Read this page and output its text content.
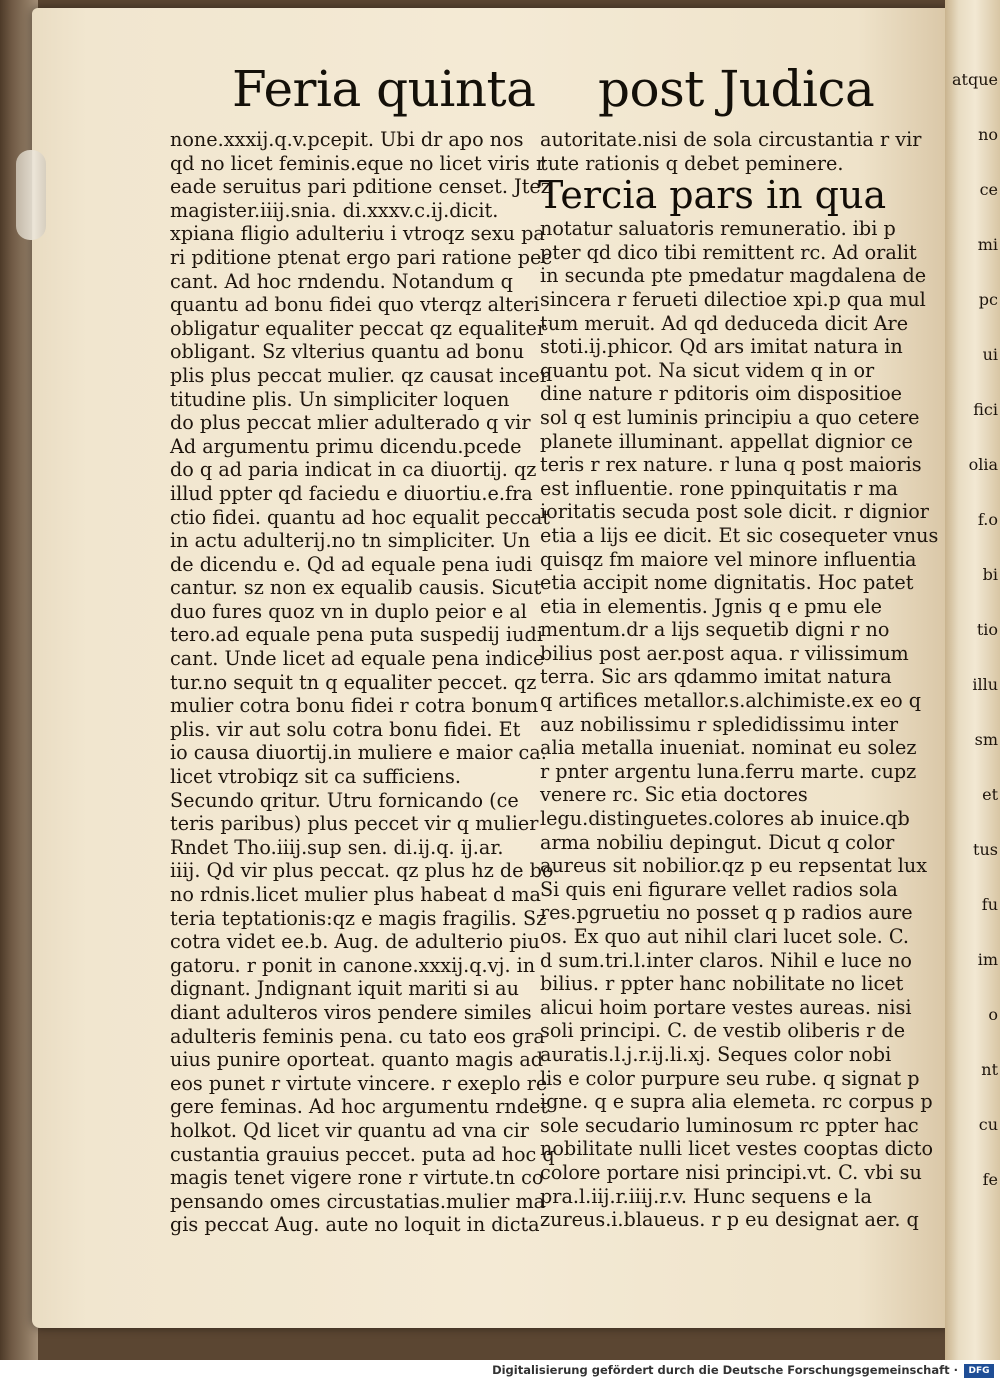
atque
no
ce
mi
pc
ui
fici
olia
f.o
bi
tio
illu
sm
et
tus
fu
im
o
nt
cu
fe
Feria quinta post Judica
none.xxxij.q.v.pcepit. Ubi dr apo nos
qd no licet feminis.eque no licet viris r
eade seruitus pari pditione censet. Jtez
magister.iiij.snia. di.xxxv.c.ij.dicit.
xpiana fligio adulteriu i vtroqz sexu pa
ri pditione ptenat ergo pari ratione pec
cant. Ad hoc rndendu. Notandum q
quantu ad bonu fidei quo vterqz alteri
obligatur equaliter peccat qz equaliter
obligant. Sz vlterius quantu ad bonu
plis plus peccat mulier. qz causat incer
titudine plis. Un simpliciter loquen
do plus peccat mlier adulterado q vir
Ad argumentu primu dicendu.pcede
do q ad paria indicat in ca diuortij. qz
illud ppter qd faciedu e diuortiu.e.fra
ctio fidei. quantu ad hoc equalit peccat
in actu adulterij.no tn simpliciter. Un
de dicendu e. Qd ad equale pena iudi
cantur. sz non ex equalib causis. Sicut
duo fures quoz vn in duplo peior e al
tero.ad equale pena puta suspedij iudi
cant. Unde licet ad equale pena indice
tur.no sequit tn q equaliter peccet. qz
mulier cotra bonu fidei r cotra bonum
plis. vir aut solu cotra bonu fidei. Et
io causa diuortij.in muliere e maior ca.
licet vtrobiqz sit ca sufficiens.
Secundo qritur. Utru fornicando (ce
teris paribus) plus peccet vir q mulier
Rndet Tho.iiij.sup sen. di.ij.q. ij.ar.
iiij. Qd vir plus peccat. qz plus hz de bo
no rdnis.licet mulier plus habeat d ma
teria teptationis:qz e magis fragilis. Sz
cotra videt ee.b. Aug. de adulterio piu
gatoru. r ponit in canone.xxxij.q.vj. in
dignant. Jndignant iquit mariti si au
diant adulteros viros pendere similes
adulteris feminis pena. cu tato eos gra
uius punire oporteat. quanto magis ad
eos punet r virtute vincere. r exeplo re
gere feminas. Ad hoc argumentu rndet
holkot. Qd licet vir quantu ad vna cir
custantia grauius peccet. puta ad hoc q
magis tenet vigere rone r virtute.tn co
pensando omes circustatias.mulier ma
gis peccat Aug. aute no loquit in dicta
autoritate.nisi de sola circustantia r vir
tute rationis q debet peminere.
Tercia pars in qua
notatur saluatoris remuneratio. ibi p
pter qd dico tibi remittent rc. Ad oralit
in secunda pte pmedatur magdalena de
sincera r ferueti dilectioe xpi.p qua mul
tum meruit. Ad qd deduceda dicit Are
stoti.ij.phicor. Qd ars imitat natura in
quantu pot. Na sicut videm q in or
dine nature r pditoris oim dispositioe
sol q est luminis principiu a quo cetere
planete illuminant. appellat dignior ce
teris r rex nature. r luna q post maioris
est influentie. rone ppinquitatis r ma
ioritatis secuda post sole dicit. r dignior
etia a lijs ee dicit. Et sic cosequeter vnus
quisqz fm maiore vel minore influentia
etia accipit nome dignitatis. Hoc patet
etia in elementis. Jgnis q e pmu ele
mentum.dr a lijs sequetib digni r no
bilius post aer.post aqua. r vilissimum
terra. Sic ars qdammo imitat natura
q artifices metallor.s.alchimiste.ex eo q
auz nobilissimu r spledidissimu inter
alia metalla inueniat. nominat eu solez
r pnter argentu luna.ferru marte. cupz
venere rc. Sic etia doctores
legu.distinguetes.colores ab inuice.qb
arma nobiliu depingut. Dicut q color
aureus sit nobilior.qz p eu repsentat lux
Si quis eni figurare vellet radios sola
res.pgruetiu no posset q p radios aure
os. Ex quo aut nihil clari lucet sole. C.
d sum.tri.l.inter claros. Nihil e luce no
bilius. r ppter hanc nobilitate no licet
alicui hoim portare vestes aureas. nisi
soli principi. C. de vestib oliberis r de
auratis.l.j.r.ij.li.xj. Seques color nobi
lis e color purpure seu rube. q signat p
igne. q e supra alia elemeta. rc corpus p
sole secudario luminosum rc ppter hac
nobilitate nulli licet vestes cooptas dicto
colore portare nisi principi.vt. C. vbi su
pra.l.iij.r.iiij.r.v. Hunc sequens e la
zureus.i.blaueus. r p eu designat aer. q
Digitalisierung gefördert durch die Deutsche Forschungsgemeinschaft ·	DFG
